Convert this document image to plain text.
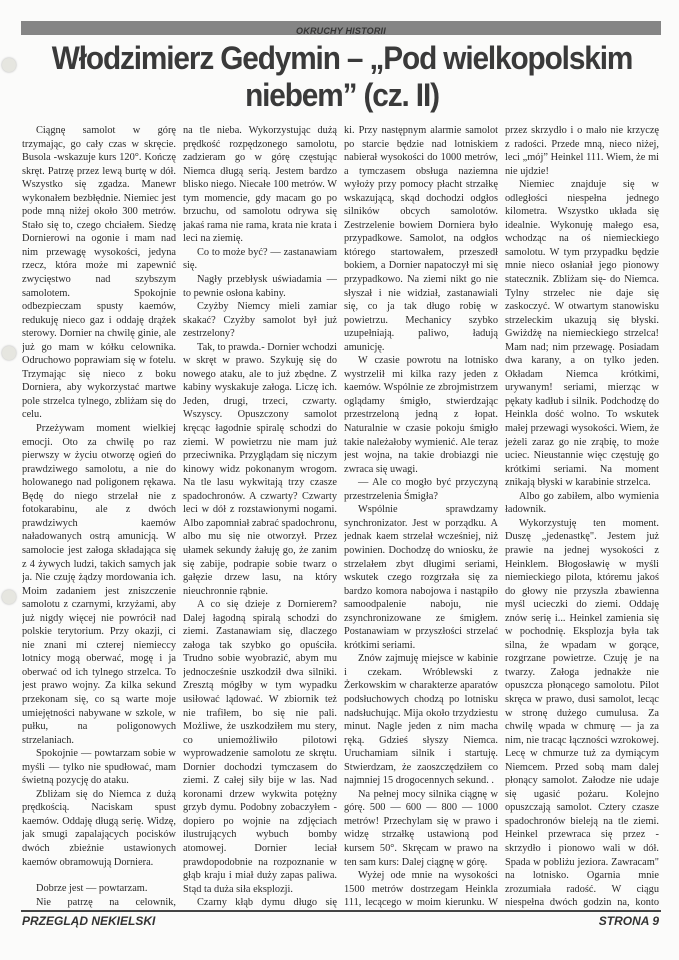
OKRUCHY HISTORII
Włodzimierz Gedymin – „Pod wielkopolskim niebem” (cz. II)

Ciągnę samolot w górę trzymając, go cały czas w skręcie. Busola -wskazuje kurs 120°. Kończę skręt. Patrzę przez lewą burtę w dół. Wszystko się zgadza. Manewr wykonałem bezbłędnie. Niemiec jest pode mną niżej około 300 metrów. Stało się to, czego chciałem. Siedzę Dornierowi na ogonie i mam nad nim przewagę wysokości, jedyna rzecz, która może mi zapewnić zwycięstwo nad szybszym samolotem. Spokojnie odbezpieczam spusty kaemów, redukuję nieco gaz i oddaję drążek sterowy. Dornier na chwilę ginie, ale już go mam w kółku celownika. Odruchowo poprawiam się w fotelu. Trzymając się nieco z boku Dorniera, aby wykorzystać martwe pole strzelca tylnego, zbliżam się do celu.

Przeżywam moment wielkiej emocji. Oto za chwilę po raz pierwszy w życiu otworzę ogień do prawdziwego samolotu, a nie do holowanego nad poligonem rękawa. Będę do niego strzelał nie z fotokarabinu, ale z dwóch prawdziwych kaemów naładowanych ostrą amunicją. W samolocie jest załoga składająca się z 4 żywych ludzi, takich samych jak ja. Nie czuję żądzy mordowania ich. Moim zadaniem jest zniszczenie samolotu z czarnymi, krzyżami, aby już nigdy więcej nie powrócił nad polskie terytorium. Przy okazji, ci nie znani mi czterej niemieccy lotnicy mogą oberwać, mogę i ja oberwać od ich tylnego strzelca. To jest prawo wojny. Za kilka sekund przekonam się, co są warte moje umiejętności nabywane w szkole, w pułku, na poligonowych strzelaniach.

Spokojnie — powtarzam sobie w myśli — tylko nie spudłować, mam świetną pozycję do ataku.

Zbliżam się do Niemca z dużą prędkością. Naciskam spust kaemów. Oddaję długą serię. Widzę, jak smugi zapalających pocisków dwóch zbieżnie ustawionych kaemów obramowują Dorniera.

Dobrze jest — powtarzam.

Nie patrzę na celownik,

na tle nieba. Wykorzystując dużą prędkość rozpędzonego samolotu, zadzieram go w górę częstując Niemca długą serią. Jestem bardzo blisko niego. Niecałe 100 metrów. W tym momencie, gdy macam go po brzuchu, od samolotu odrywa się jakaś rama nie rama, krata nie krata i leci na ziemię.

Co to może być? — zastanawiam się.

Nagły przebłysk uświadamia — to pewnie osłona kabiny.

Czyżby Niemcy mieli zamiar skakać? Czyżby samolot był już zestrzelony?

Tak, to prawda.- Dornier wchodzi w skręt w prawo. Szykuję się do nowego ataku, ale to już zbędne. Z kabiny wyskakuje załoga. Liczę ich. Jeden, drugi, trzeci, czwarty. Wszyscy. Opuszczony samolot kręcąc łagodnie spiralę schodzi do ziemi. W powietrzu nie mam już przeciwnika. Przyglądam się niczym kinowy widz pokonanym wrogom. Na tle lasu wykwitają trzy czasze spadochronów. A czwarty? Czwarty leci w dół z rozstawionymi nogami. Albo zapomniał zabrać spadochronu, albo mu się nie otworzył. Przez ułamek sekundy żałuję go, że zanim się zabije, podrapie sobie twarz o gałęzie drzew lasu, na który nieuchronnie rąbnie.

A co się dzieje z Dornierem? Dalej łagodną spiralą schodzi do ziemi. Zastanawiam się, dlaczego załoga tak szybko go opuściła. Trudno sobie wyobrazić, abym mu jednocześnie uszkodził dwa silniki. Zresztą mógłby w tym wypadku usiłować lądować. W zbiornik też nie trafiłem, bo się nie pali. Możliwe, że uszkodziłem mu stery, co uniemożliwiło pilotowi wyprowadzenie samolotu ze skrętu. Dornier dochodzi tymczasem do ziemi. Z całej siły bije w las. Nad koronami drzew wykwita potężny grzyb dymu. Podobny zobaczyłem - dopiero po wojnie na zdjęciach ilustrujących wybuch bomby atomowej. Dornier leciał prawdopodobnie na rozpoznanie w głąb kraju i miał duży zapas paliwa. Stąd ta duża siła eksplozji.

Czarny kłąb dymu długo się

ki. Przy następnym alarmie samolot po starcie będzie nad lotniskiem nabierał wysokości do 1000 metrów, a tymczasem obsługa naziemna wyłoży przy pomocy płacht strzałkę wskazującą, skąd dochodzi odgłos silników obcych samolotów. Zestrzelenie bowiem Dorniera było przypadkowe. Samolot, na odgłos którego startowałem, przeszedł bokiem, a Dornier napatoczył mi się przypadkowo. Na ziemi nikt go nie słyszał i nie widział, zastanawiali się, co ja tak długo robię w powietrzu. Mechanicy szybko uzupełniają. paliwo, ładują amunicję.

W czasie powrotu na lotnisko wystrzelił mi kilka razy jeden z kaemów. Wspólnie ze zbrojmistrzem oglądamy śmigło, stwierdzając przestrzeloną jedną z łopat. Naturalnie w czasie pokoju śmigło takie należałoby wymienić. Ale teraz jest wojna, na takie drobiazgi nie zwraca się uwagi.

— Ale co mogło być przyczyną przestrzelenia Śmigła?

Wspólnie sprawdzamy synchronizator. Jest w porządku. A jednak kaem strzelał wcześniej, niż powinien. Dochodzę do wniosku, że strzelałem zbyt długimi seriami, wskutek czego rozgrzała się za bardzo komora nabojowa i nastąpiło samoodpalenie naboju, nie zsynchronizowane ze śmigłem. Postanawiam w przyszłości strzelać krótkimi seriami.

Znów zajmuję miejsce w kabinie i czekam. Wróblewski z Żerkowskim w charakterze aparatów podsłuchowych chodzą po lotnisku nadsłuchując. Mija około trzydziestu minut. Nagle jeden z nim macha ręką. Gdzieś słyszy Niemca. Uruchamiam silnik i startuję. Stwierdzam, że zaoszczędziłem co najmniej 15 drogocennych sekund. .

Na pełnej mocy silnika ciągnę w górę. 500 — 600 — 800 — 1000 metrów! Przechylam się w prawo i widzę strzałkę ustawioną pod kursem 50°. Skręcam w prawo na ten sam kurs: Dalej ciągnę w górę.

Wyżej ode mnie na wysokości 1500 metrów dostrzegam Heinkla 111, lecącego w moim kierunku. W

przez skrzydło i o mało nie krzyczę z radości. Przede mną, nieco niżej, leci „mój” Heinkel 111. Wiem, że mi nie ujdzie!

Niemiec znajduje się w odległości niespełna jednego kilometra. Wszystko układa się idealnie. Wykonuję małego esa, wchodząc na oś niemieckiego samolotu. W tym przypadku będzie mnie nieco osłaniał jego pionowy statecznik. Zbliżam się- do Niemca. Tylny strzelec nie daje się zaskoczyć. W otwartym stanowisku strzeleckim ukazują się błyski. Gwiżdżę na niemieckiego strzelca! Mam nad; nim przewagę. Posiadam dwa karany, a on tylko jeden. Okładam Niemca krótkimi, urywanym! seriami, mierząc w pękaty kadłub i silnik. Podchodzę do Heinkla dość wolno. To wskutek małej przewagi wysokości. Wiem, że jeżeli zaraz go nie zrąbię, to może uciec. Nieustannie więc częstuję go krótkimi seriami. Na moment znikają błyski w karabinie strzelca.

Albo go zabiłem, albo wymienia ładownik.

Wykorzystuję ten moment. Duszę „jedenastkę". Jestem już prawie na jednej wysokości z Heinklem. Błogosławię w myśli niemieckiego pilota, któremu jakoś do głowy nie przyszła zbawienna myśl ucieczki do ziemi. Oddaję znów serię i... Heinkel zamienia się w pochodnię. Eksplozja była tak silna, że wpadam w gorące, rozgrzane powietrze. Czuję je na twarzy. Załoga jednakże nie opuszcza płonącego samolotu. Pilot skręca w prawo, dusi samolot, lecąc w stronę dużego cumulusa. Za chwilę wpada w chmurę — ja za nim, nie tracąc łączności wzrokowej. Lecę w chmurze tuż za dymiącym Niemcem. Przed sobą mam dalej płonący samolot. Załodze nie udaje się ugasić pożaru. Kolejno opuszczają samolot. Cztery czasze spadochronów bieleją na tle ziemi. Heinkel przewraca się przez - skrzydło i pionowo wali w dół. Spada w pobliżu jeziora. Zawracam" na lotnisko. Ogarnia mnie zrozumiała radość. W ciągu niespełna dwóch godzin na, konto

PRZEGLĄD NEKIELSKI	STRONA 9
